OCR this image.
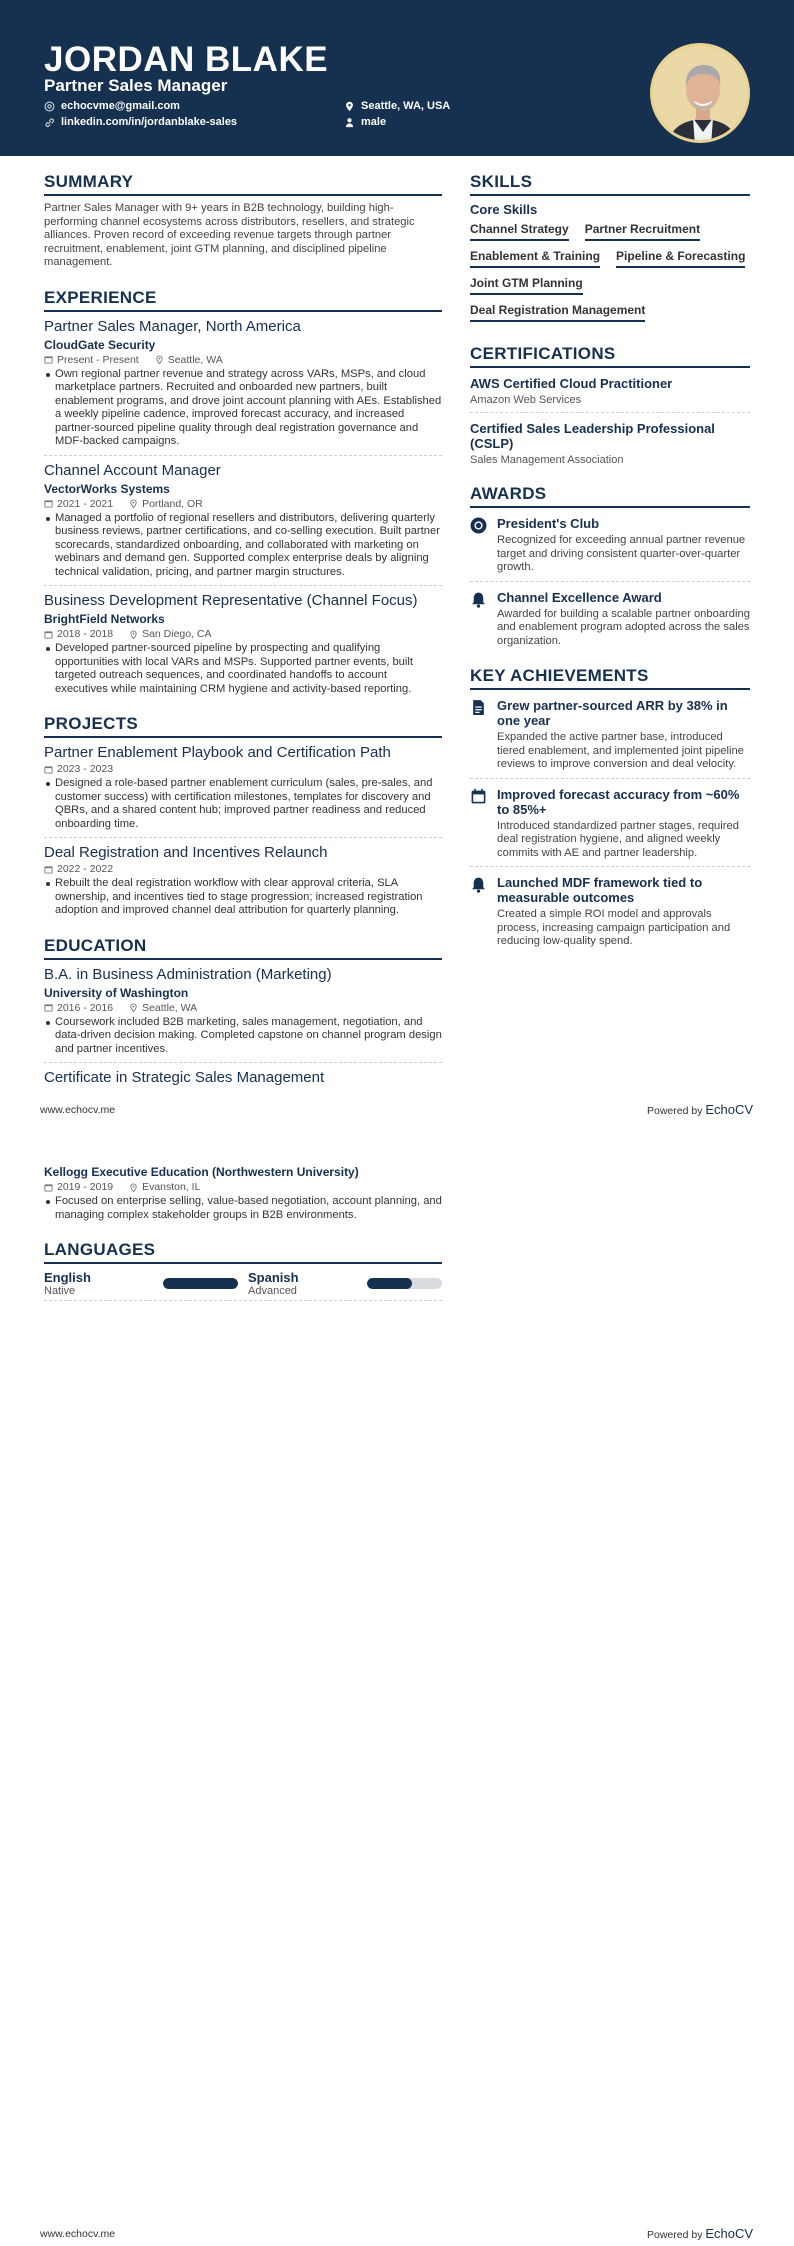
JORDAN BLAKE
Partner Sales Manager
echocvme@gmail.com
linkedin.com/in/jordanblake-sales
Seattle, WA, USA
male
SUMMARY
Partner Sales Manager with 9+ years in B2B technology, building high-performing channel ecosystems across distributors, resellers, and strategic alliances. Proven record of exceeding revenue targets through partner recruitment, enablement, joint GTM planning, and disciplined pipeline management.
EXPERIENCE
Partner Sales Manager, North America
CloudGate Security
Present - Present	Seattle, WA
Own regional partner revenue and strategy across VARs, MSPs, and cloud marketplace partners. Recruited and onboarded new partners, built enablement programs, and drove joint account planning with AEs. Established a weekly pipeline cadence, improved forecast accuracy, and increased partner-sourced pipeline quality through deal registration governance and MDF-backed campaigns.
Channel Account Manager
VectorWorks Systems
2021 - 2021	Portland, OR
Managed a portfolio of regional resellers and distributors, delivering quarterly business reviews, partner certifications, and co-selling execution. Built partner scorecards, standardized onboarding, and collaborated with marketing on webinars and demand gen. Supported complex enterprise deals by aligning technical validation, pricing, and partner margin structures.
Business Development Representative (Channel Focus)
BrightField Networks
2018 - 2018	San Diego, CA
Developed partner-sourced pipeline by prospecting and qualifying opportunities with local VARs and MSPs. Supported partner events, built targeted outreach sequences, and coordinated handoffs to account executives while maintaining CRM hygiene and activity-based reporting.
PROJECTS
Partner Enablement Playbook and Certification Path
2023 - 2023
Designed a role-based partner enablement curriculum (sales, pre-sales, and customer success) with certification milestones, templates for discovery and QBRs, and a shared content hub; improved partner readiness and reduced onboarding time.
Deal Registration and Incentives Relaunch
2022 - 2022
Rebuilt the deal registration workflow with clear approval criteria, SLA ownership, and incentives tied to stage progression; increased registration adoption and improved channel deal attribution for quarterly planning.
EDUCATION
B.A. in Business Administration (Marketing)
University of Washington
2016 - 2016	Seattle, WA
Coursework included B2B marketing, sales management, negotiation, and data-driven decision making. Completed capstone on channel program design and partner incentives.
Certificate in Strategic Sales Management
www.echocv.me	Powered by EchoCV
Kellogg Executive Education (Northwestern University)
2019 - 2019	Evanston, IL
Focused on enterprise selling, value-based negotiation, account planning, and managing complex stakeholder groups in B2B environments.
LANGUAGES
English
Native
Spanish
Advanced
SKILLS
Core Skills
Channel Strategy Partner Recruitment
Enablement & Training Pipeline & Forecasting
Joint GTM Planning
Deal Registration Management
CERTIFICATIONS
AWS Certified Cloud Practitioner
Amazon Web Services
Certified Sales Leadership Professional (CSLP)
Sales Management Association
AWARDS
President's Club
Recognized for exceeding annual partner revenue target and driving consistent quarter-over-quarter growth.
Channel Excellence Award
Awarded for building a scalable partner onboarding and enablement program adopted across the sales organization.
KEY ACHIEVEMENTS
Grew partner-sourced ARR by 38% in one year
Expanded the active partner base, introduced tiered enablement, and implemented joint pipeline reviews to improve conversion and deal velocity.
Improved forecast accuracy from ~60% to 85%+
Introduced standardized partner stages, required deal registration hygiene, and aligned weekly commits with AE and partner leadership.
Launched MDF framework tied to measurable outcomes
Created a simple ROI model and approvals process, increasing campaign participation and reducing low-quality spend.
www.echocv.me	Powered by EchoCV
